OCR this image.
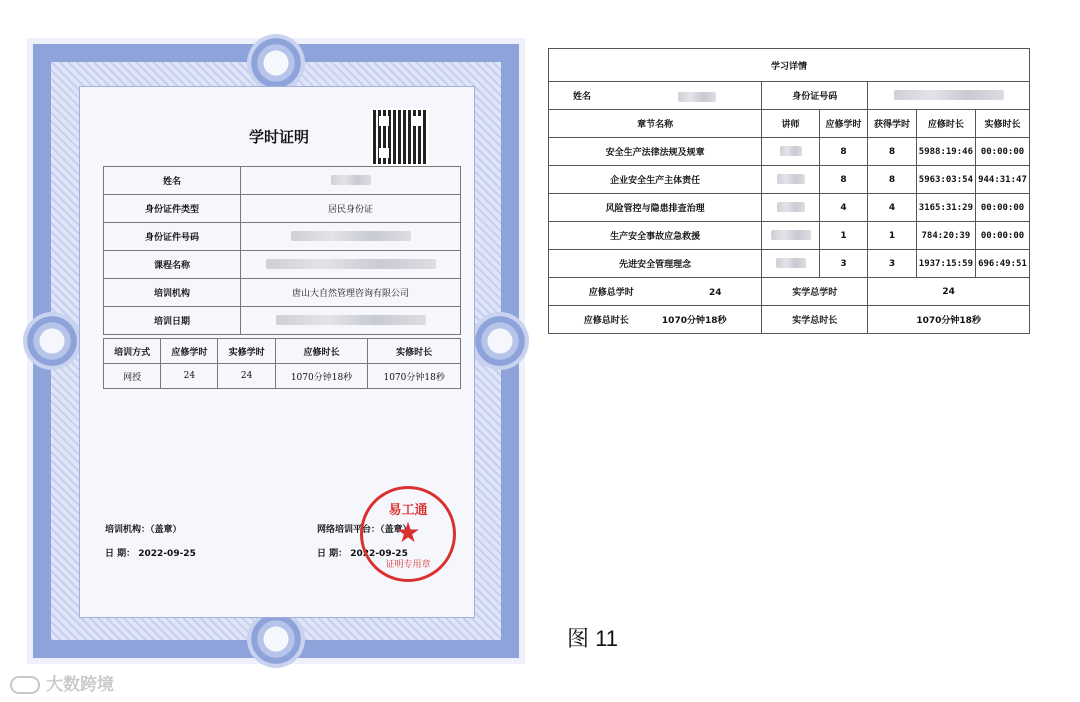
学时证明
姓名	
身份证件类型	居民身份证
身份证件号码	
课程名称	
培训机构	唐山大自然管理咨询有限公司
培训日期	
培训方式	应修学时	实修学时	应修时长	实修时长
网授	24	24	1070分钟18秒	1070分钟18秒
培训机构：（盖章）
日 期： 2022-09-25
网络培训平台：（盖章）
日 期： 2022-09-25
易工通
★
证明专用章
学习详情					
姓名	身份证号码				
章节名称	讲师	应修学时	获得学时	应修时长	实修时长
安全生产法律法规及规章		8	8	5988:19:46	00:00:00
企业安全生产主体责任		8	8	5963:03:54	944:31:47
风险管控与隐患排查治理		4	4	3165:31:29	00:00:00
生产安全事故应急救援		1	1	784:20:39	00:00:00
先进安全管理理念		3	3	1937:15:59	696:49:51
应修总学时 24	实学总学时		24		
应修总时长 1070分钟18秒	实学总时长		1070分钟18秒		
图 11
大数跨境
